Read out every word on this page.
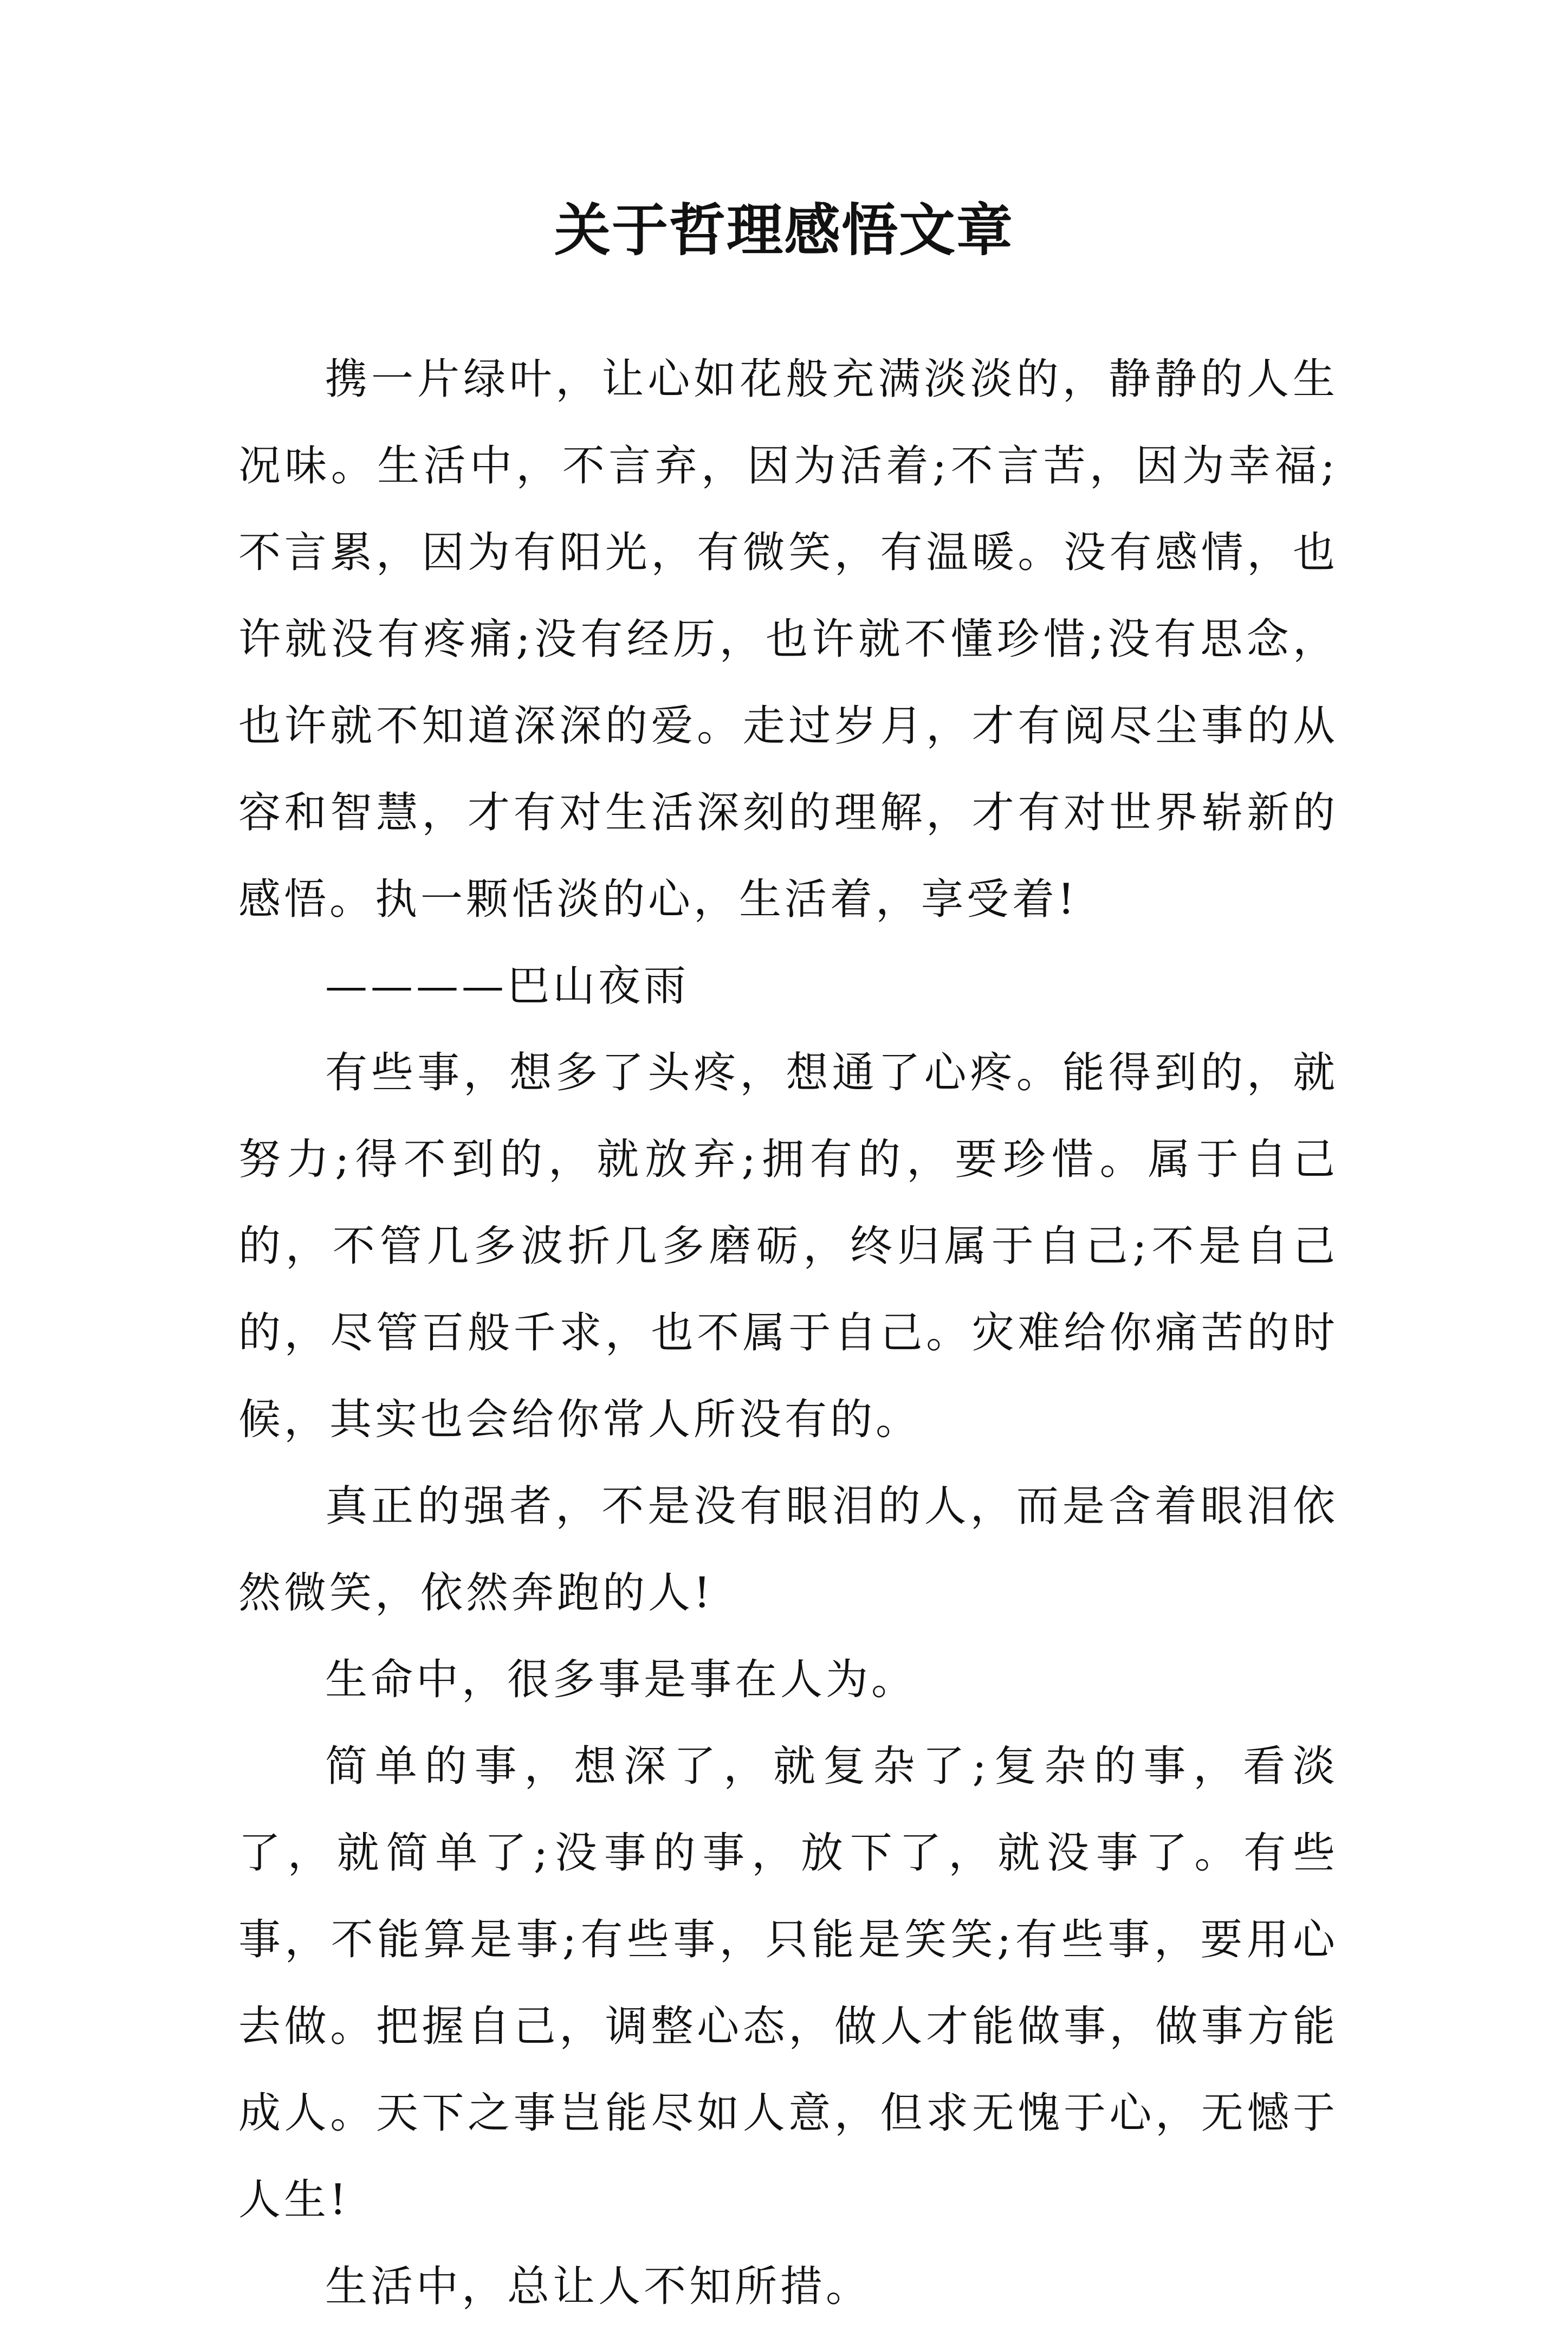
关于哲理感悟文章

携一片绿叶，让心如花般充满淡淡的，静静的人生况味。生活中，不言弃，因为活着;不言苦，因为幸福;不言累，因为有阳光，有微笑，有温暖。没有感情，也许就没有疼痛;没有经历，也许就不懂珍惜;没有思念，也许就不知道深深的爱。走过岁月，才有阅尽尘事的从容和智慧，才有对生活深刻的理解，才有对世界崭新的感悟。执一颗恬淡的心，生活着，享受着!

————巴山夜雨

有些事，想多了头疼，想通了心疼。能得到的，就努力;得不到的，就放弃;拥有的，要珍惜。属于自己的，不管几多波折几多磨砺，终归属于自己;不是自己的，尽管百般千求，也不属于自己。灾难给你痛苦的时候，其实也会给你常人所没有的。

真正的强者，不是没有眼泪的人，而是含着眼泪依然微笑，依然奔跑的人!

生命中，很多事是事在人为。

简单的事，想深了，就复杂了;复杂的事，看淡了，就简单了;没事的事，放下了，就没事了。有些事，不能算是事;有些事，只能是笑笑;有些事，要用心去做。把握自己，调整心态，做人才能做事，做事方能成人。天下之事岂能尽如人意，但求无愧于心，无憾于人生!

生活中，总让人不知所措。
